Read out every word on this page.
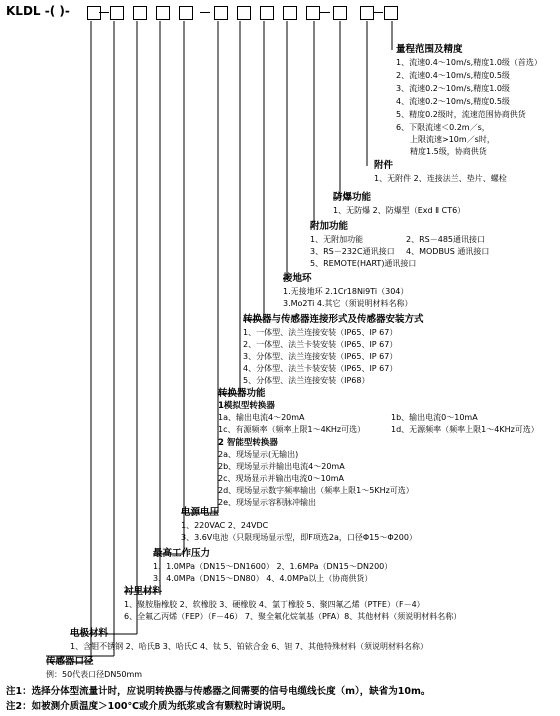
KLDL -( )-
量程范围及精度
1、流速0.4～10m/s,精度1.0级（首选）
2、流速0.4～10m/s,精度0.5级
3、流速0.2～10m/s,精度1.0级
4、流速0.2～10m/s,精度0.5级
5、精度0.2级时，流速范围协商供货
6、下限流速＜0.2m／s，
上限流速>10m／s时，
精度1.5级，协商供货
附件
1、无附件 2、连接法兰、垫片、螺栓
防爆功能
1、无防爆 2、防爆型（Exd Ⅱ CT6）
附加功能
1、无附加功能
3、RS－232C通讯接口
5、REMOTE(HART)通讯接口
2、RS－485通讯接口
4、MODBUS 通讯接口
接地环
1.无接地环 2.1Cr18Ni9Ti（304）
3.Mo2Ti 4.其它（须说明材料名称）
转换器与传感器连接形式及传感器安装方式
1、一体型、法兰连接安装（IP65、IP 67）
2、一体型、法兰卡装安装（IP65、IP 67）
3、分体型、法兰连接安装（IP65、IP 67）
4、分体型、法兰卡装安装（IP65、IP 67）
5、分体型、法兰连接安装（IP68）
转换器功能
1模拟型转换器
1a、输出电流4～20mA
1c、有源频率（频率上限1～4KHz可选）
1b、输出电流0～10mA
1d、无源频率（频率上限1～4KHz可选）
2 智能型转换器
2a、现场显示(无输出)
2b、现场显示并输出电流4～20mA
2c、现场显示并输出电流0～10mA
2d、现场显示数字频率输出（频率上限1～5KHz可选）
2e、现场显示容积脉冲输出
电源电压
1、220VAC 2、24VDC
3、3.6V电池（只限现场显示型，即F项选2a，口径Φ15～Φ200）
最高工作压力
1、1.0MPa（DN15～DN1600） 2、1.6MPa（DN15～DN200）
3、4.0MPa（DN15～DN80） 4、4.0MPa以上（协商供货）
衬里材料
1、聚胺脂橡胶 2、软橡胶 3、硬橡胶 4、氯丁橡胶 5、聚四氟乙烯（PTFE）（F－4）
6、全氟乙丙烯（FEP）（F－46） 7、聚全氟化烷氧基（PFA）8、其他材料（须说明材料名称）
电极材料
1、含钼不锈钢 2、哈氏B 3、哈氏C 4、钛 5、铂铱合金 6、钽 7、其他特殊材料（须说明材料名称）
传感器口径
例：50代表口径DN50mm
注1：选择分体型流量计时，应说明转换器与传感器之间需要的信号电缆线长度（m），缺省为10m。
注2：如被测介质温度＞100℃或介质为纸浆或含有颗粒时请说明。
